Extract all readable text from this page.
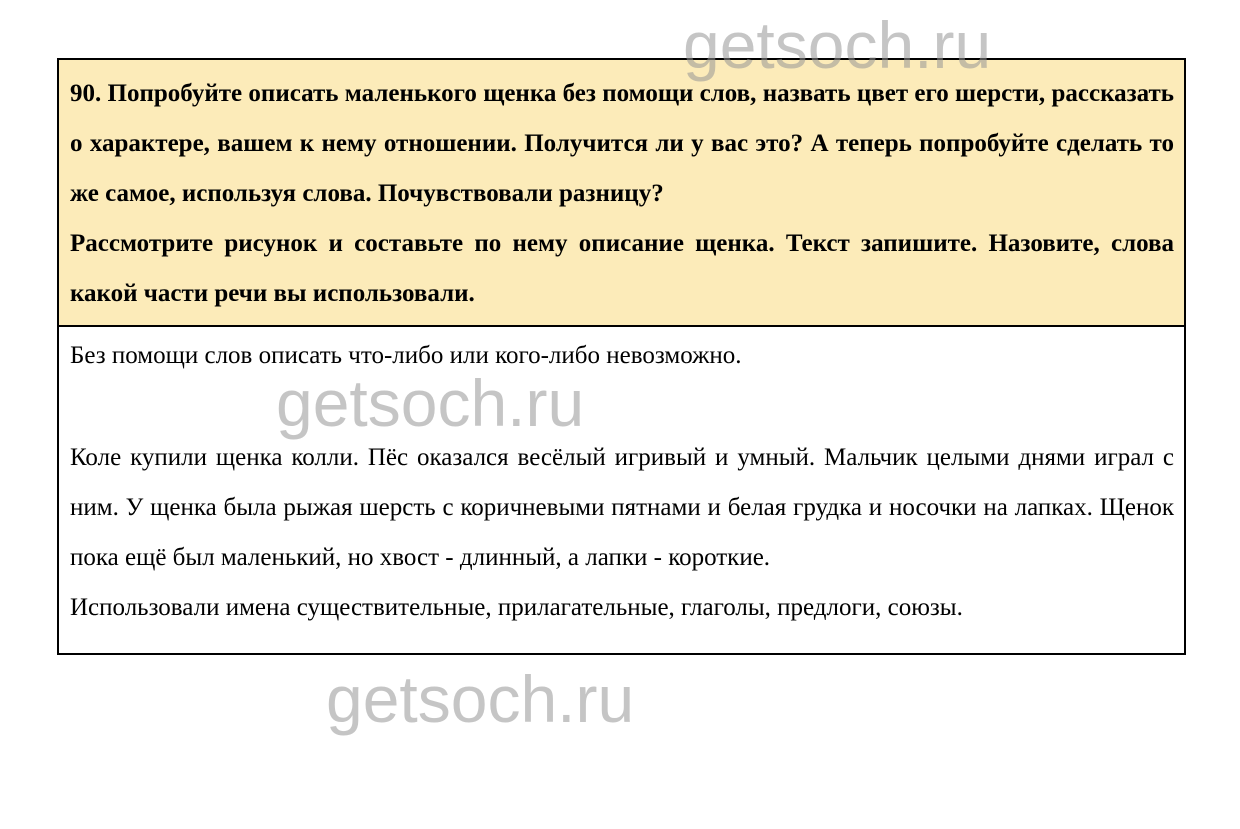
90. Попробуйте описать маленького щенка без помощи слов, назвать цвет его шерсти, рассказать о характере, вашем к нему отношении. Получится ли у вас это? А теперь попробуйте сделать то же самое, используя слова. Почувствовали разницу?

Рассмотрите рисунок и составьте по нему описание щенка. Текст запишите. Назовите, слова какой части речи вы использовали.

Без помощи слов описать что-либо или кого-либо невозможно.

Коле купили щенка колли. Пёс оказался весёлый игривый и умный. Мальчик целыми днями играл с ним. У щенка была рыжая шерсть с коричневыми пятнами и белая грудка и носочки на лапках. Щенок пока ещё был маленький, но хвост - длинный, а лапки - короткие.

Использовали имена существительные, прилагательные, глаголы, предлоги, союзы.

getsoch.ru
getsoch.ru
getsoch.ru
